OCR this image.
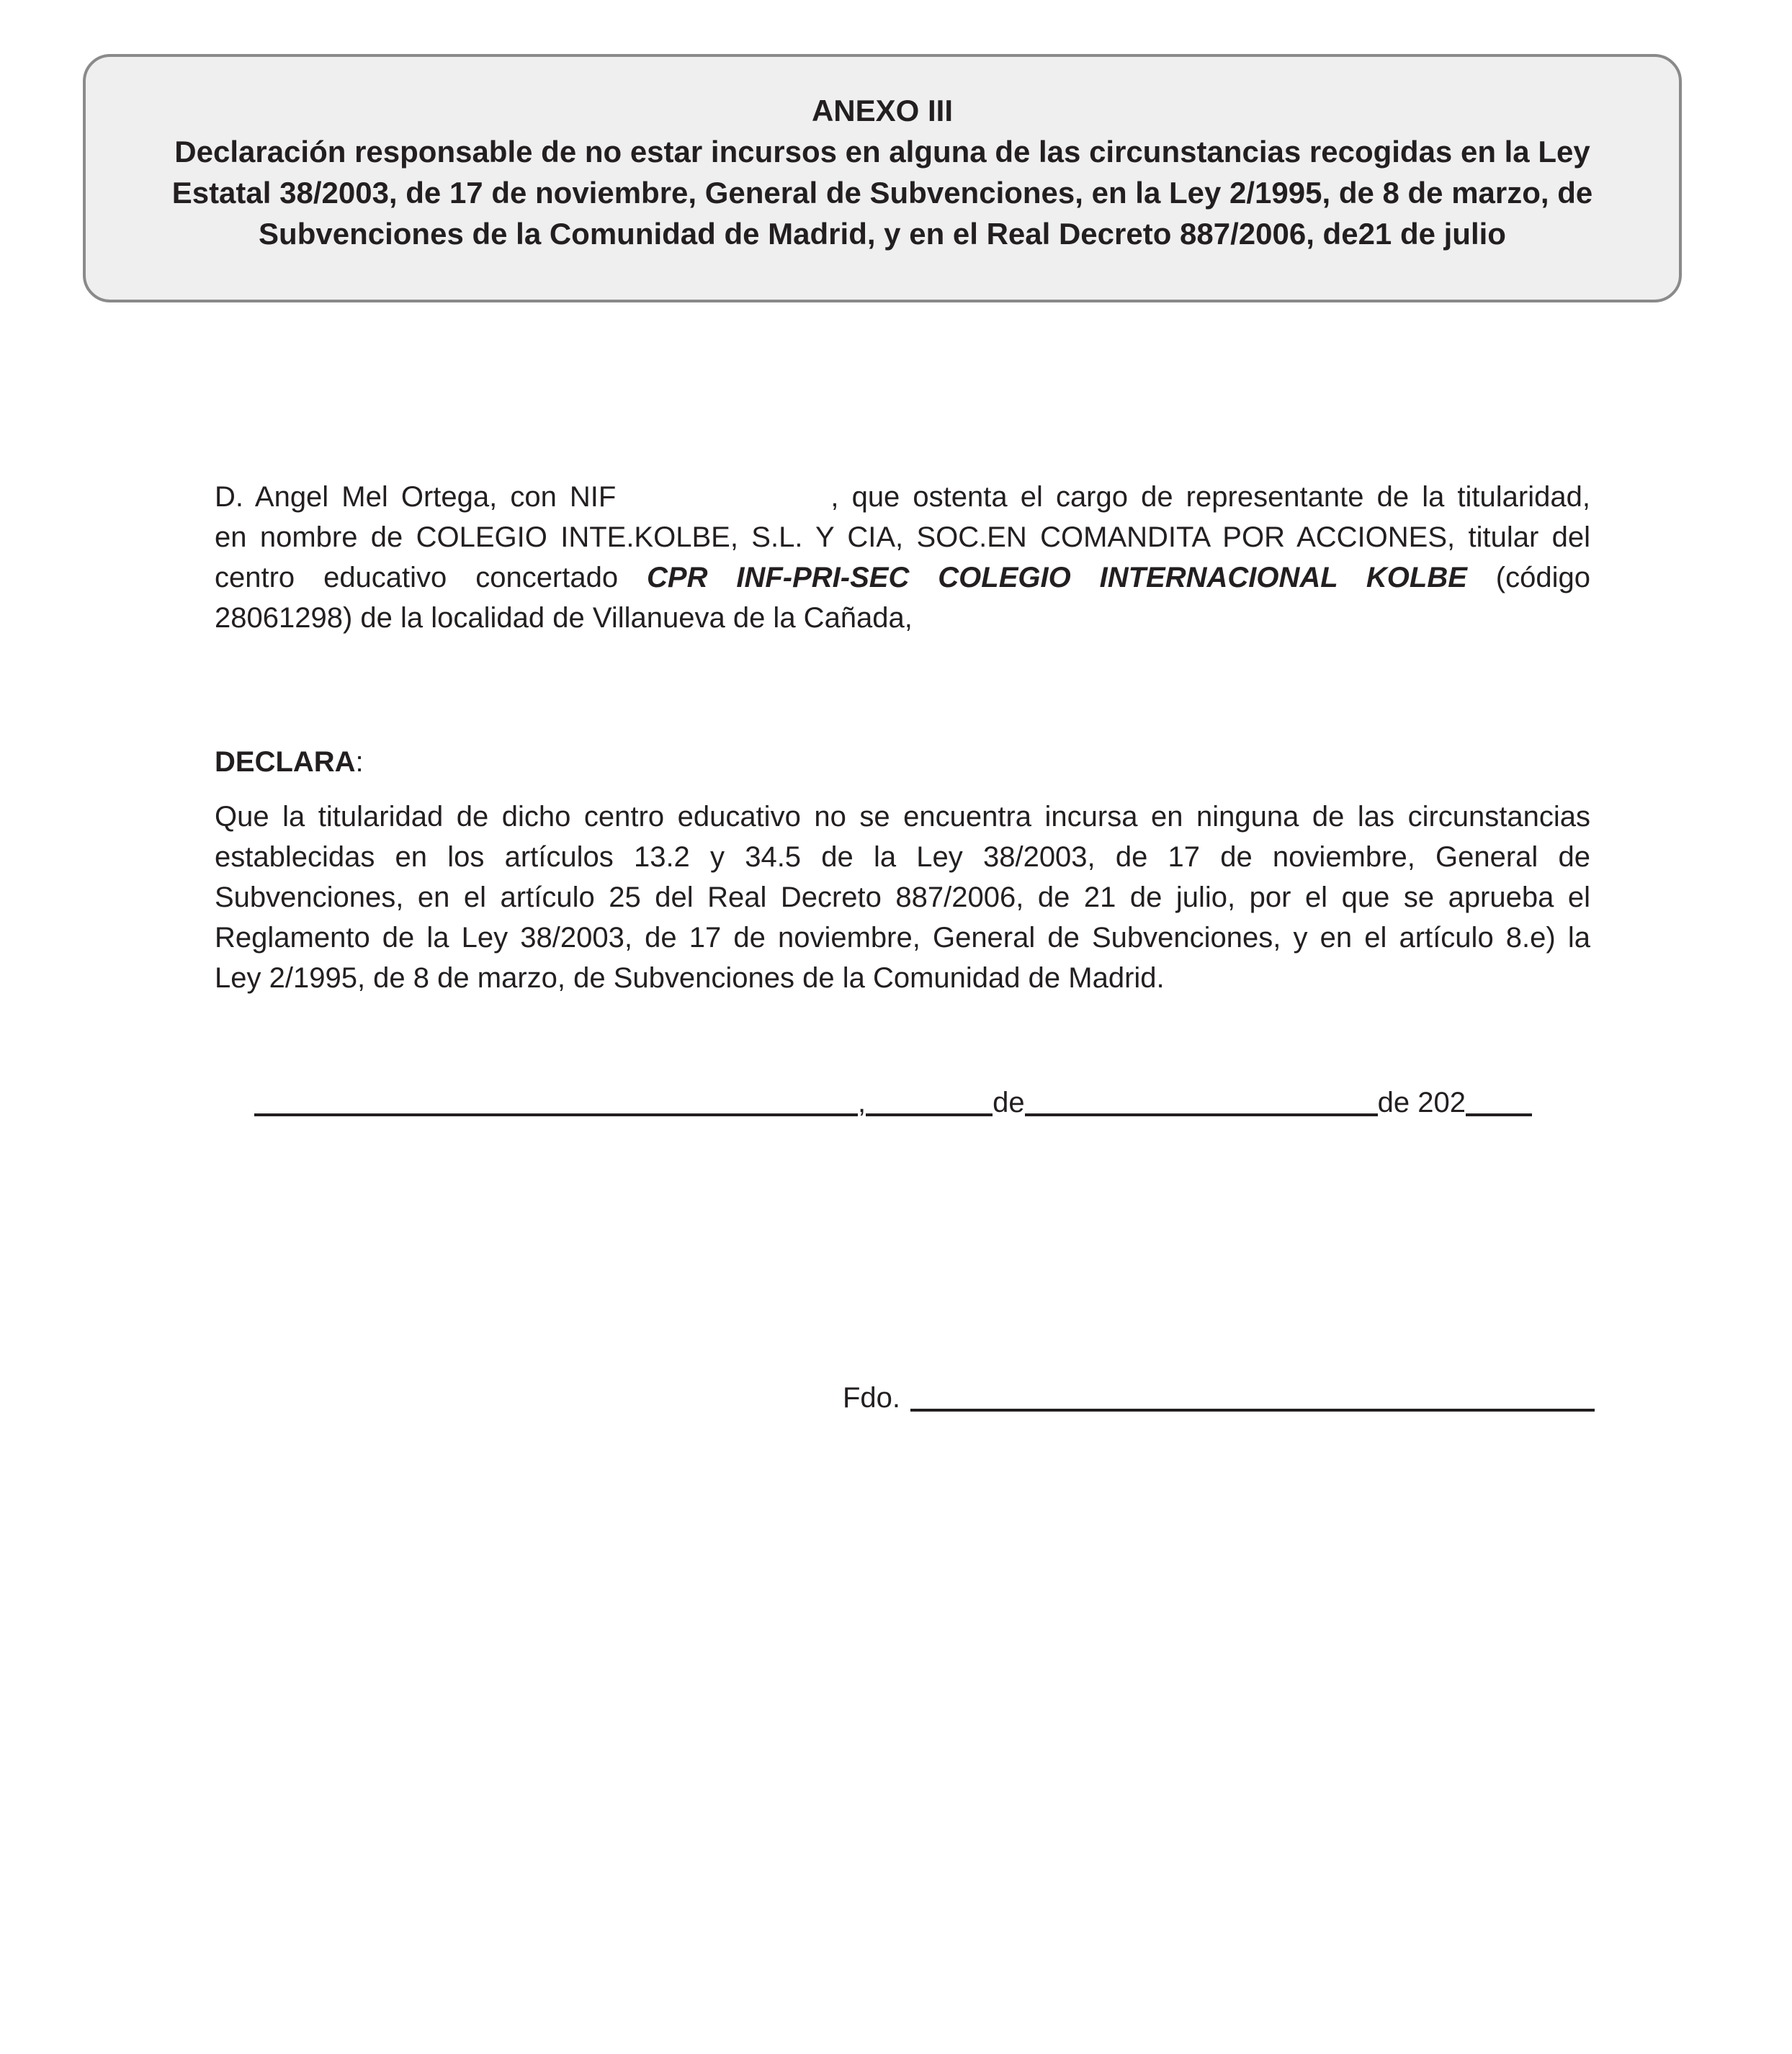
ANEXO III
Declaración responsable de no estar incursos en alguna de las circunstancias recogidas en la Ley
Estatal 38/2003, de 17 de noviembre, General de Subvenciones, en la Ley 2/1995, de 8 de marzo, de
Subvenciones de la Comunidad de Madrid, y en el Real Decreto 887/2006, de21 de julio
D. Angel Mel Ortega, con NIF	, que ostenta el cargo de representante de la titularidad,
en nombre de COLEGIO INTE.KOLBE, S.L. Y CIA, SOC.EN COMANDITA POR ACCIONES, titular del
centro educativo concertado CPR INF-PRI-SEC COLEGIO INTERNACIONAL KOLBE (código
28061298) de la localidad de Villanueva de la Cañada,
DECLARA:
Que la titularidad de dicho centro educativo no se encuentra incursa en ninguna de las circunstancias
establecidas en los artículos 13.2 y 34.5 de la Ley 38/2003, de 17 de noviembre, General de
Subvenciones, en el artículo 25 del Real Decreto 887/2006, de 21 de julio, por el que se aprueba el
Reglamento de la Ley 38/2003, de 17 de noviembre, General de Subvenciones, y en el artículo 8.e) la
Ley 2/1995, de 8 de marzo, de Subvenciones de la Comunidad de Madrid.
,	de	de 202
Fdo.
